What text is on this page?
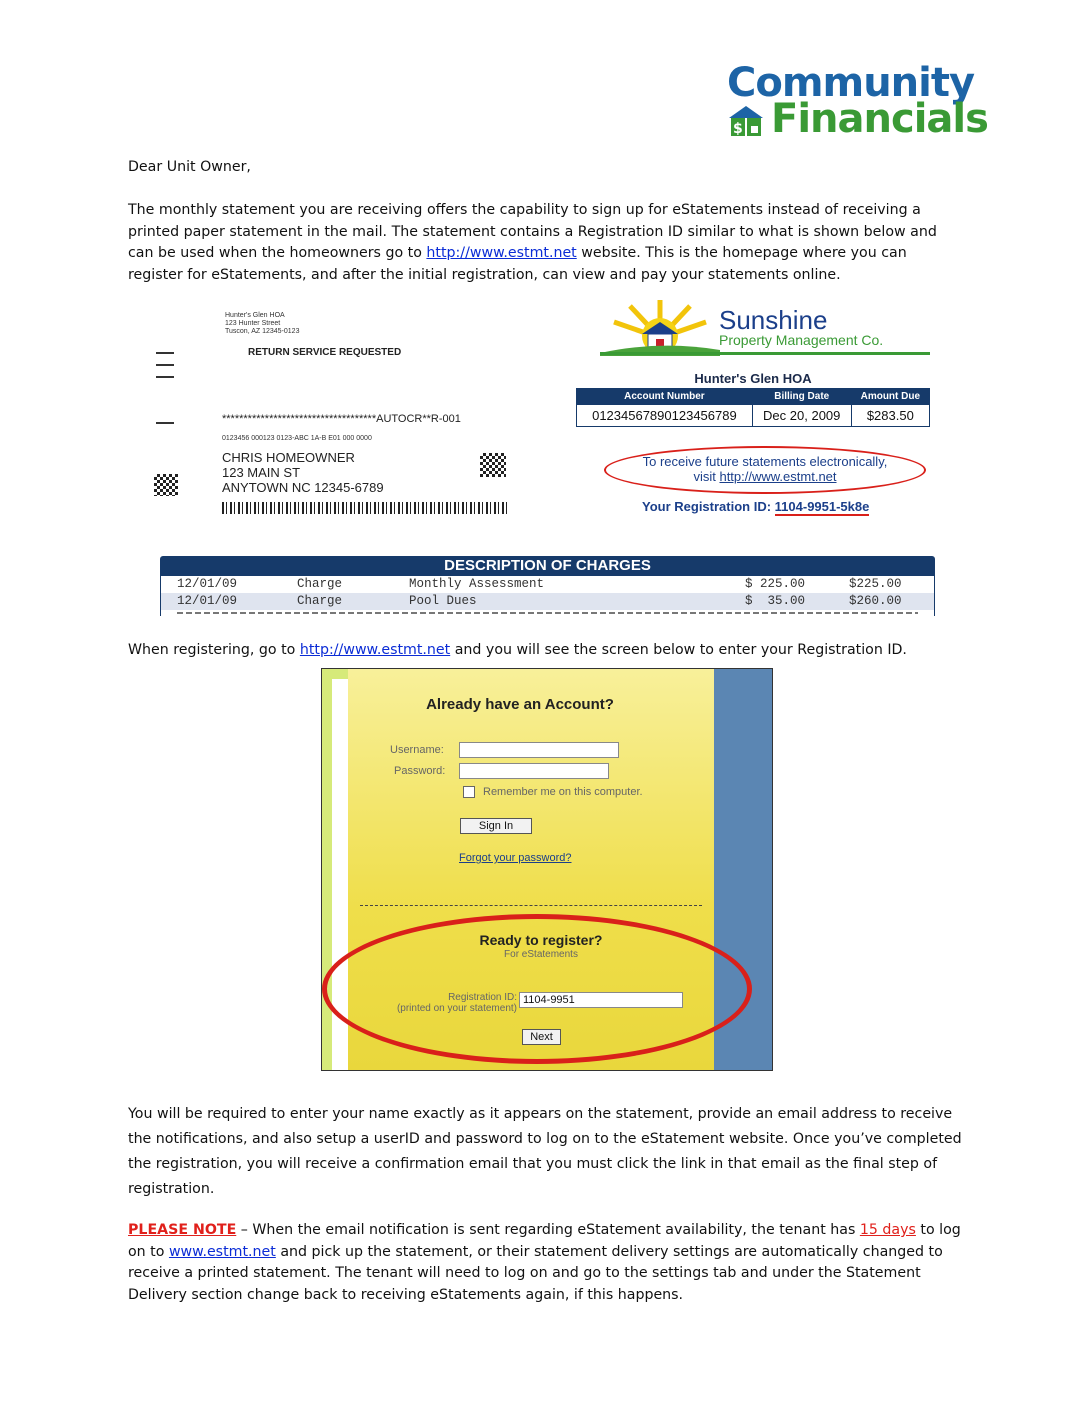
Community
$ Financials
Dear Unit Owner,
The monthly statement you are receiving offers the capability to sign up for eStatements instead of receiving a printed paper statement in the mail. The statement contains a Registration ID similar to what is shown below and can be used when the homeowners go to http://www.estmt.net website. This is the homepage where you can register for eStatements, and after the initial registration, can view and pay your statements online.
Hunter's Glen HOA
123 Hunter Street
Tuscon, AZ 12345-0123
RETURN SERVICE REQUESTED
************************************AUTOCR**R-001
0123456 000123 0123-ABC 1A-B E01 000 0000
CHRIS HOMEOWNER
123 MAIN ST
ANYTOWN NC 12345-6789
Sunshine
Property Management Co.
Hunter's Glen HOA
Account Number	Billing Date	Amount Due
01234567890123456789	Dec 20, 2009	$283.50
To receive future statements electronically,
visit http://www.estmt.net
Your Registration ID: 1104-9951-5k8e
DESCRIPTION OF CHARGES
12/01/09	Charge	Monthly Assessment	$ 225.00	$225.00
12/01/09	Charge	Pool Dues	$  35.00	$260.00
When registering, go to http://www.estmt.net and you will see the screen below to enter your Registration ID.
Already have an Account?
Username:
Password:
Remember me on this computer.
Sign In
Forgot your password?
Ready to register?
For eStatements
Registration ID:
(printed on your statement)
1104-9951
Next
You will be required to enter your name exactly as it appears on the statement, provide an email address to receive the notifications, and also setup a userID and password to log on to the eStatement website. Once you’ve completed the registration, you will receive a confirmation email that you must click the link in that email as the final step of registration.
PLEASE NOTE – When the email notification is sent regarding eStatement availability, the tenant has 15 days to log on to www.estmt.net and pick up the statement, or their statement delivery settings are automatically changed to receive a printed statement. The tenant will need to log on and go to the settings tab and under the Statement Delivery section change back to receiving eStatements again, if this happens.
